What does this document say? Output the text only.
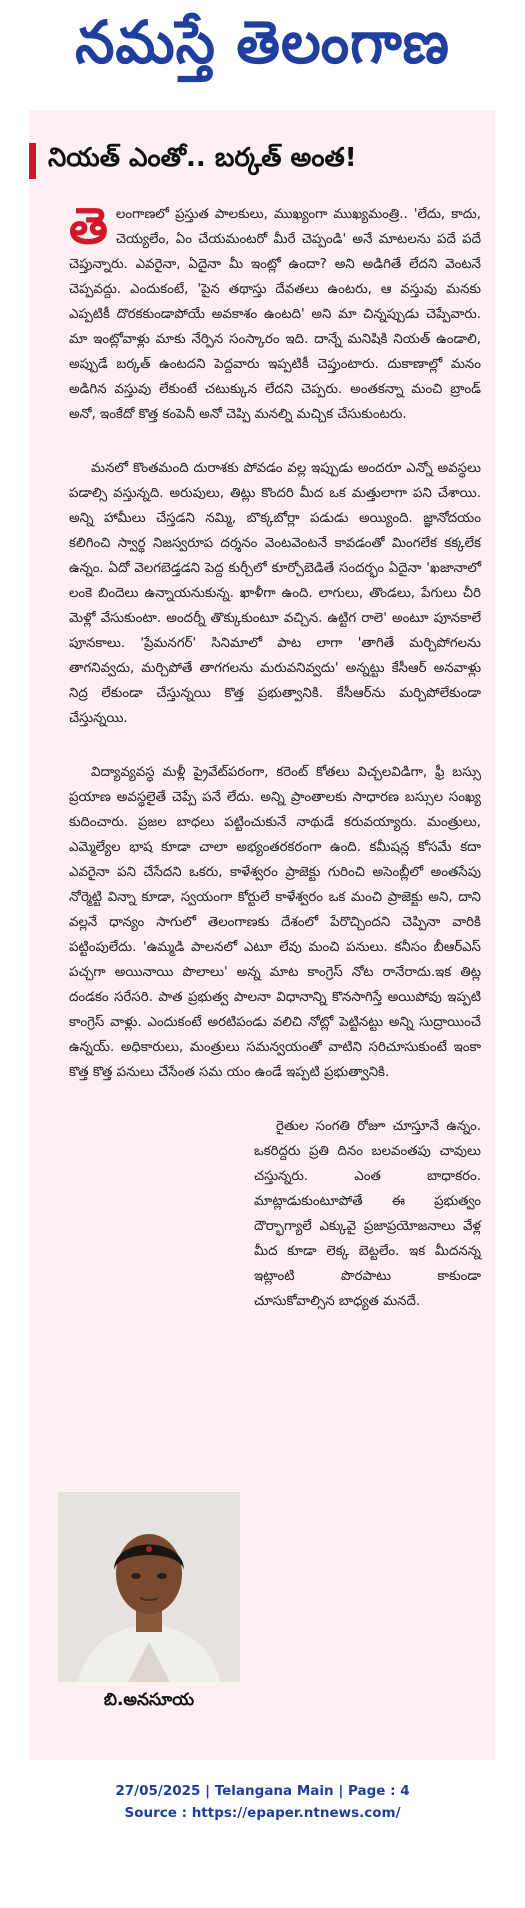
నమస్తే తెలంగాణ
నియత్ ఎంతో.. బర్కత్ అంత!

తెలంగాణలో ప్రస్తుత పాలకులు, ముఖ్యంగా ముఖ్యమంత్రి.. 'లేదు, కాదు, చెయ్యలేం, ఏం చేయమంటరో మీరే చెప్పండి' అనే మాటలను పదే పదే చెప్తున్నారు. ఎవరైనా, ఏదైనా మీ ఇంట్లో ఉందా? అని అడిగితే లేదని వెంటనే చెప్పవద్దు. ఎందుకంటే, 'పైన తథాస్తు దేవతలు ఉంటరు, ఆ వస్తువు మనకు ఎప్పటికీ దొరకకుండాపోయే అవకాశం ఉంటది' అని మా చిన్నప్పుడు చెప్పేవారు. మా ఇంట్లోవాళ్లు మాకు నేర్పిన సంస్కారం ఇది. దాన్నే మనిషికి నియత్ ఉండాలి, అప్పుడే బర్కత్ ఉంటదని పెద్దవారు ఇప్పటికీ చెప్తుంటారు. దుకాణాల్లో మనం అడిగిన వస్తువు లేకుంటే చటుక్కున లేదని చెప్పరు. అంతకన్నా మంచి బ్రాండ్ అనో, ఇంకేదో కొత్త కంపెనీ అనో చెప్పి మనల్ని మచ్చిక చేసుకుంటరు.

మనలో కొంతమంది దురాశకు పోవడం వల్ల ఇప్పుడు అందరూ ఎన్నో అవస్థలు పడాల్సి వస్తున్నది. అరుపులు, తిట్లు కొందరి మీద ఒక మత్తులాగా పని చేశాయి. అన్ని హామీలు చేస్తడని నమ్మి, బొక్కబోర్లా పడుడు అయ్యింది. జ్ఞానోదయం కలిగించి స్వార్థ నిజస్వరూప దర్శనం వెంటవెంటనే కావడంతో మింగలేక కక్కలేక ఉన్నం. ఏదో వెలగబెడ్తడని పెద్ద కుర్చీలో కూర్చోబెడితే సందర్భం ఏదైనా 'ఖజానాలో లంకె బిందెలు ఉన్నాయనుకున్న. ఖాళీగా ఉంది. లాగులు, తొండలు, పేగులు చీరి మెళ్లో వేసుకుంటా. అందర్నీ తొక్కుకుంటూ వచ్చిన. ఉట్టిగ రాలె' అంటూ పూనకాలే పూనకాలు. 'ప్రేమనగర్' సినిమాలో పాట లాగా 'తాగితే మర్చిపోగలను తాగనివ్వదు, మర్చిపోతే తాగగలను మరువనివ్వదు' అన్నట్టు కేసీఆర్ అనవాళ్లు నిద్ర లేకుండా చేస్తున్నయి కొత్త ప్రభుత్వానికి. కేసీఆర్‌ను మర్చిపోలేకుండా చేస్తున్నయి.

విద్యావ్యవస్థ మళ్లీ ప్రైవేట్‌పరంగా, కరెంట్ కోతలు విచ్చలవిడిగా, ఫ్రీ బస్సు ప్రయాణ అవస్థలైతే చెప్పే పనే లేదు. అన్ని ప్రాంతాలకు సాధారణ బస్సుల సంఖ్య కుదించారు. ప్రజల బాధలు పట్టించుకునే నాథుడే కరువయ్యారు. మంత్రులు, ఎమ్మెల్యేల భాష కూడా చాలా అభ్యంతరకరంగా ఉంది. కమీషన్ల కోసమే కదా ఎవరైనా పని చేసేదని ఒకరు, కాళేశ్వరం ప్రాజెక్టు గురించి అసెంబ్లీలో అంతసేపు నోర్మెట్టి విన్నా కూడా, స్వయంగా కోర్టులే కాళేశ్వరం ఒక మంచి ప్రాజెక్టు అని, దాని వల్లనే ధాన్యం సాగులో తెలంగాణకు దేశంలో పేరొచ్చిందని చెప్పినా వారికి పట్టింపులేదు. 'ఉమ్మడి పాలనలో ఎటూ లేవు మంచి పనులు. కనీసం బీఆర్ఎస్ పచ్చగా అయినాయి పొలాలు' అన్న మాట కాంగ్రెస్ నోట రానేరాదు.ఇక తిట్ల దండకం సరేసరి. పాత ప్రభుత్వ పాలనా విధానాన్ని కొనసాగిస్తే అయిపోవు ఇప్పటి కాంగ్రెస్ వాళ్లు. ఎందుకంటే అరటిపండు వలిచి నోట్లో పెట్టినట్టు అన్ని సుద్రాయించే ఉన్నయ్. అధికారులు, మంత్రులు సమన్వయంతో వాటిని సరిచూసుకుంటే ఇంకా కొత్త కొత్త పనులు చేసేంత సమ యం ఉండే ఇప్పటి ప్రభుత్వానికి.

రైతుల సంగతి రోజూ చూస్తూనే ఉన్నం. ఒకరిద్దరు ప్రతి దినం బలవంతపు చావులు చస్తున్నరు. ఎంత బాధాకరం. మాట్లాడుకుంటూపోతే ఈ ప్రభుత్వం దౌర్భాగ్యాలే ఎక్కువై ప్రజాప్రయోజనాలు వేళ్ల మీద కూడా లెక్క బెట్టలేం. ఇక మీదనన్న ఇట్లాంటి పొరపాటు కాకుండా చూసుకోవాల్సిన బాధ్యత మనదే.

బి.అనసూయ
27/05/2025 | Telangana Main | Page : 4
Source : https://epaper.ntnews.com/
